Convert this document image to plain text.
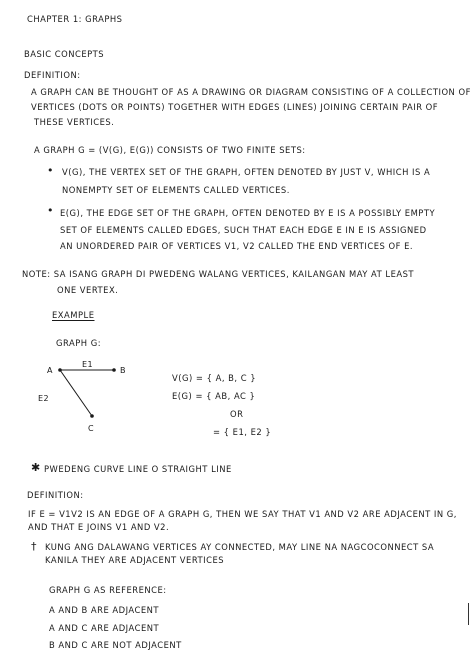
CHAPTER 1: GRAPHS
BASIC CONCEPTS
DEFINITION:
A GRAPH CAN BE THOUGHT OF AS A DRAWING OR DIAGRAM CONSISTING OF A COLLECTION OF
VERTICES (DOTS OR POINTS) TOGETHER WITH EDGES (LINES) JOINING CERTAIN PAIR OF
THESE VERTICES.
A GRAPH G = (V(G), E(G)) CONSISTS OF TWO FINITE SETS:
• V(G), THE VERTEX SET OF THE GRAPH, OFTEN DENOTED BY JUST V, WHICH IS A
NONEMPTY SET OF ELEMENTS CALLED VERTICES.
• E(G), THE EDGE SET OF THE GRAPH, OFTEN DENOTED BY E IS A POSSIBLY EMPTY
SET OF ELEMENTS CALLED EDGES, SUCH THAT EACH EDGE E IN E IS ASSIGNED
AN UNORDERED PAIR OF VERTICES V1, V2 CALLED THE END VERTICES OF E.
NOTE: SA ISANG GRAPH DI PWEDENG WALANG VERTICES, KAILANGAN MAY AT LEAST
ONE VERTEX.
EXAMPLE
GRAPH G:
A	B
C
E1
E2
V(G) = { A, B, C }
E(G) = { AB, AC }
OR
= { E1, E2 }
✱ PWEDENG CURVE LINE O STRAIGHT LINE
DEFINITION:
IF E = V1V2 IS AN EDGE OF A GRAPH G, THEN WE SAY THAT V1 AND V2 ARE ADJACENT IN G,
AND THAT E JOINS V1 AND V2.
† KUNG ANG DALAWANG VERTICES AY CONNECTED, MAY LINE NA NAGCOCONNECT SA
KANILA THEY ARE ADJACENT VERTICES
GRAPH G AS REFERENCE:
A AND B ARE ADJACENT
A AND C ARE ADJACENT
B AND C ARE NOT ADJACENT
